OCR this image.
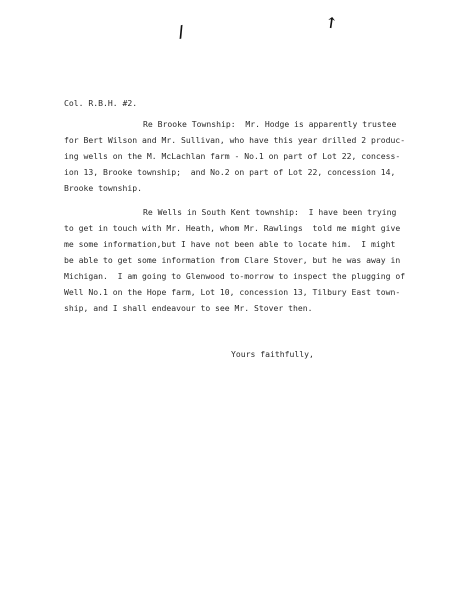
/	↑
Col. R.B.H. #2.
Re Brooke Township:  Mr. Hodge is apparently trustee
for Bert Wilson and Mr. Sullivan, who have this year drilled 2 produc-
ing wells on the M. McLachlan farm - No.1 on part of Lot 22, concess-
ion 13, Brooke township;  and No.2 on part of Lot 22, concession 14,
Brooke township.
Re Wells in South Kent township:  I have been trying
to get in touch with Mr. Heath, whom Mr. Rawlings  told me might give
me some information,but I have not been able to locate him.  I might
be able to get some information from Clare Stover, but he was away in
Michigan.  I am going to Glenwood to-morrow to inspect the plugging of
Well No.1 on the Hope farm, Lot 10, concession 13, Tilbury East town-
ship, and I shall endeavour to see Mr. Stover then.
Yours faithfully,
